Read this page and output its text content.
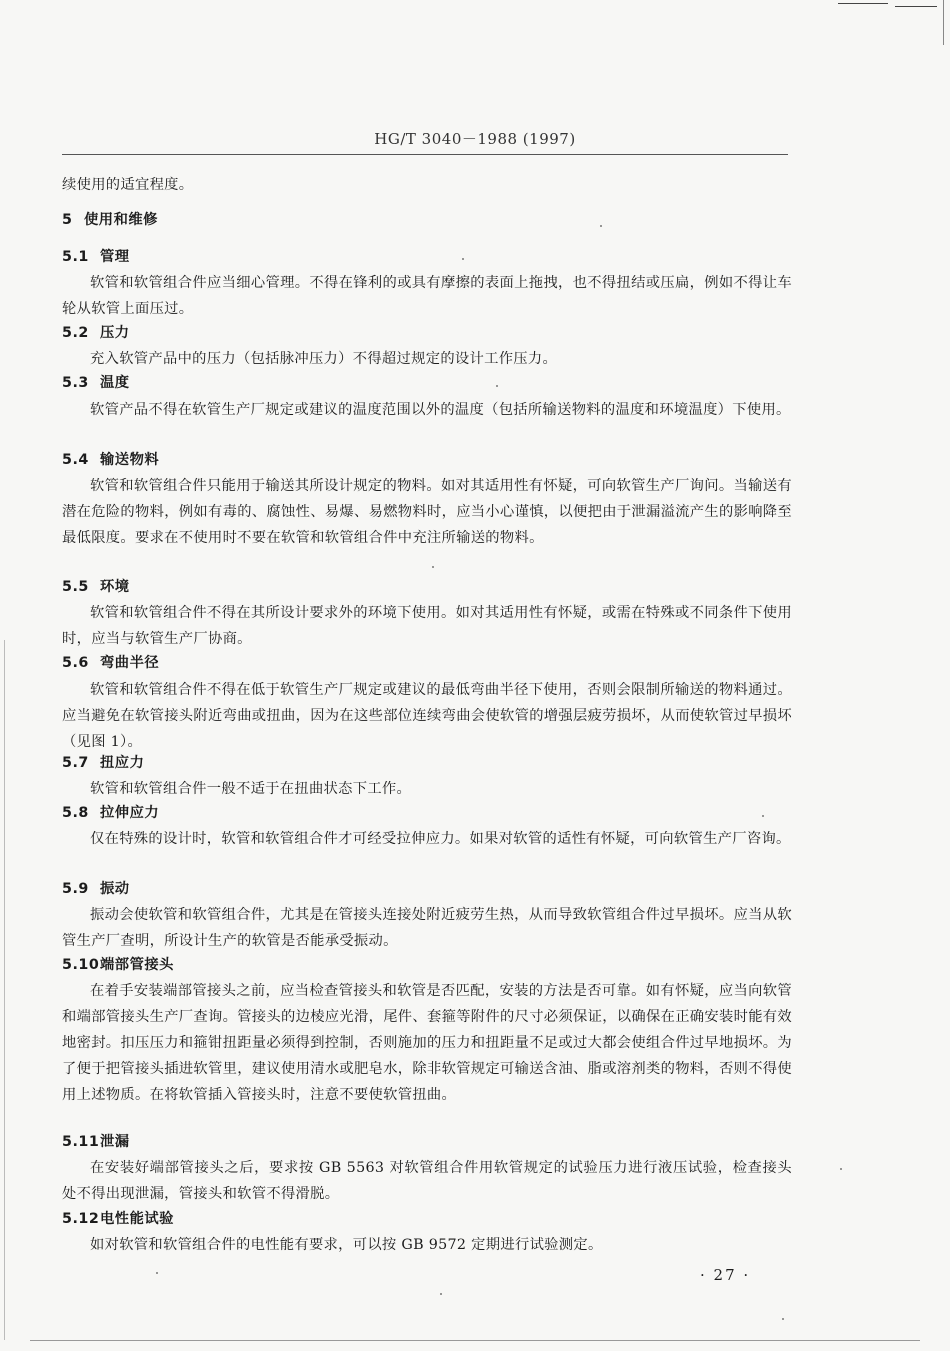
HG/T 3040－1988 (1997)

续使用的适宜程度。

5 使用和维修
5.1 管理

软管和软管组合件应当细心管理。不得在锋利的或具有摩擦的表面上拖拽，也不得扭结或压扁，例如不得让车轮从软管上面压过。

5.2 压力

充入软管产品中的压力（包括脉冲压力）不得超过规定的设计工作压力。

5.3 温度

软管产品不得在软管生产厂规定或建议的温度范围以外的温度（包括所输送物料的温度和环境温度）下使用。

5.4 输送物料

软管和软管组合件只能用于输送其所设计规定的物料。如对其适用性有怀疑，可向软管生产厂询问。当输送有潜在危险的物料，例如有毒的、腐蚀性、易爆、易燃物料时，应当小心谨慎，以便把由于泄漏溢流产生的影响降至最低限度。要求在不使用时不要在软管和软管组合件中充注所输送的物料。

5.5 环境

软管和软管组合件不得在其所设计要求外的环境下使用。如对其适用性有怀疑，或需在特殊或不同条件下使用时，应当与软管生产厂协商。

5.6 弯曲半径

软管和软管组合件不得在低于软管生产厂规定或建议的最低弯曲半径下使用，否则会限制所输送的物料通过。应当避免在软管接头附近弯曲或扭曲，因为在这些部位连续弯曲会使软管的增强层疲劳损坏，从而使软管过早损坏（见图 1）。

5.7 扭应力

软管和软管组合件一般不适于在扭曲状态下工作。

5.8 拉伸应力

仅在特殊的设计时，软管和软管组合件才可经受拉伸应力。如果对软管的适性有怀疑，可向软管生产厂咨询。

5.9 振动

振动会使软管和软管组合件，尤其是在管接头连接处附近疲劳生热，从而导致软管组合件过早损坏。应当从软管生产厂查明，所设计生产的软管是否能承受振动。

5.10端部管接头

在着手安装端部管接头之前，应当检查管接头和软管是否匹配，安装的方法是否可靠。如有怀疑，应当向软管和端部管接头生产厂查询。管接头的边棱应光滑，尾件、套箍等附件的尺寸必须保证，以确保在正确安装时能有效地密封。扣压压力和箍钳扭距量必须得到控制，否则施加的压力和扭距量不足或过大都会使组合件过早地损坏。为了便于把管接头插进软管里，建议使用清水或肥皂水，除非软管规定可输送含油、脂或溶剂类的物料，否则不得使用上述物质。在将软管插入管接头时，注意不要使软管扭曲。

5.11泄漏

在安装好端部管接头之后，要求按 GB 5563 对软管组合件用软管规定的试验压力进行液压试验，检查接头处不得出现泄漏，管接头和软管不得滑脱。

5.12电性能试验

如对软管和软管组合件的电性能有要求，可以按 GB 9572 定期进行试验测定。

· 27 ·
